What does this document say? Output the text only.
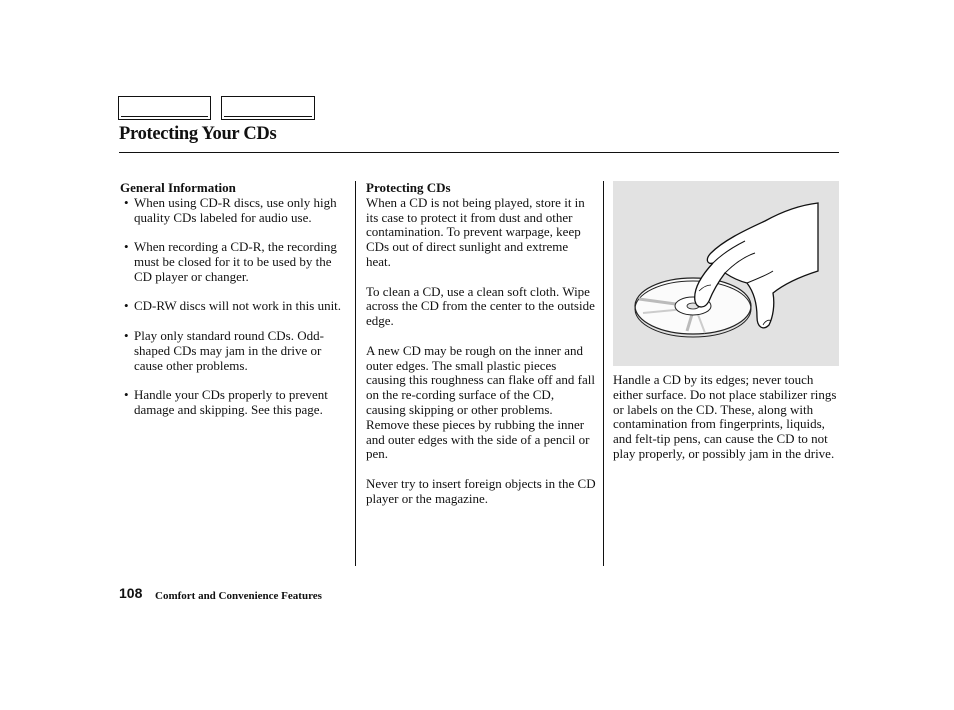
Protecting Your CDs
General Information
• When using CD-R discs, use only high quality CDs labeled for audio use.
• When recording a CD-R, the recording must be closed for it to be used by the CD player or changer.
• CD-RW discs will not work in this unit.
• Play only standard round CDs. Odd-shaped CDs may jam in the drive or cause other problems.
• Handle your CDs properly to prevent damage and skipping. See this page.
Protecting CDs
When a CD is not being played, store it in its case to protect it from dust and other contamination. To prevent warpage, keep CDs out of direct sunlight and extreme heat.
To clean a CD, use a clean soft cloth. Wipe across the CD from the center to the outside edge.
A new CD may be rough on the inner and outer edges. The small plastic pieces causing this roughness can flake off and fall on the re-cording surface of the CD, causing skipping or other problems. Remove these pieces by rubbing the inner and outer edges with the side of a pencil or pen.
Never try to insert foreign objects in the CD player or the magazine.
Handle a CD by its edges; never touch either surface. Do not place stabilizer rings or labels on the CD. These, along with contamination from fingerprints, liquids, and felt-tip pens, can cause the CD to not play properly, or possibly jam in the drive.
108 Comfort and Convenience Features
